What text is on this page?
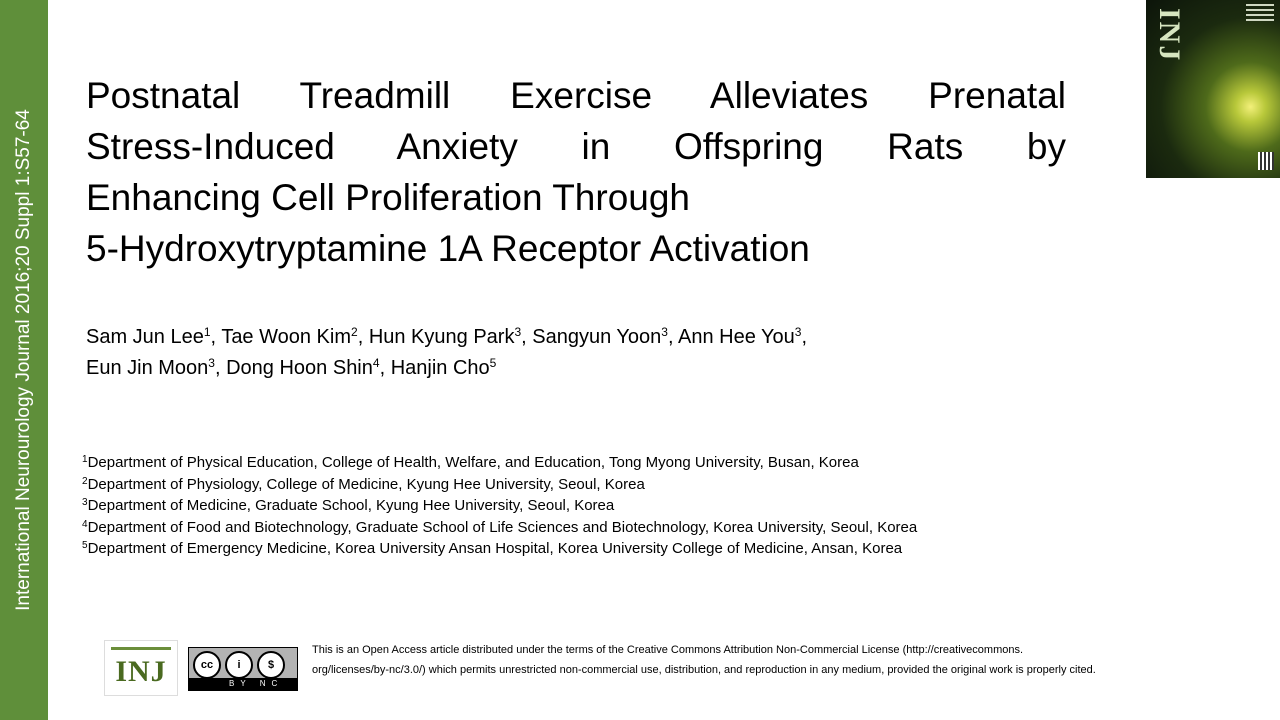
International Neurourology Journal 2016;20 Suppl 1:S57-64
Postnatal Treadmill Exercise Alleviates Prenatal
Stress-Induced Anxiety in Offspring Rats by
Enhancing Cell Proliferation Through
5-Hydroxytryptamine 1A Receptor Activation
Sam Jun Lee$^1$, Tae Woon Kim$^2$, Hun Kyung Park$^3$, Sangyun Yoon$^3$, Ann Hee You$^3$,
Eun Jin Moon$^3$, Dong Hoon Shin$^4$, Hanjin Cho$^5$
$^1$Department of Physical Education, College of Health, Welfare, and Education, Tong Myong University, Busan, Korea
$^2$Department of Physiology, College of Medicine, Kyung Hee University, Seoul, Korea
$^3$Department of Medicine, Graduate School, Kyung Hee University, Seoul, Korea
$^4$Department of Food and Biotechnology, Graduate School of Life Sciences and Biotechnology, Korea University, Seoul, Korea
$^5$Department of Emergency Medicine, Korea University Ansan Hospital, Korea University College of Medicine, Ansan, Korea
INJ
INJ	cc i $
BY NC
This is an Open Access article distributed under the terms of the Creative Commons Attribution Non-Commercial License (http://creativecommons.
org/licenses/by-nc/3.0/) which permits unrestricted non-commercial use, distribution, and reproduction in any medium, provided the original work is properly cited.
